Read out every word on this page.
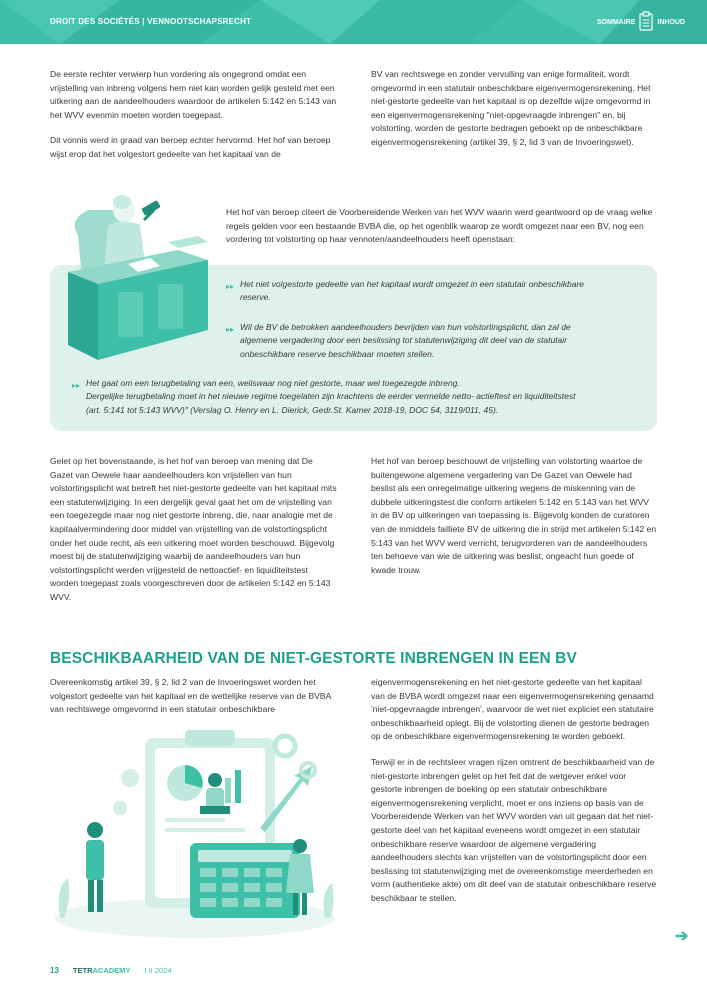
DROIT DES SOCIÉTÉS | VENNOOTSCHAPSRECHT	SOMMAIRE	INHOUD

De eerste rechter verwierp hun vordering als ongegrond omdat een vrijstelling van inbreng volgens hem niet kan worden gelijk gesteld met een uitkering aan de aandeelhouders waardoor de artikelen 5:142 en 5:143 van het WVV evenmin moeten worden toegepast.

Dit vonnis werd in graad van beroep echter hervormd. Het hof van beroep wijst erop dat het volgestort gedeelte van het kapitaal van de

BV van rechtswege en zonder vervulling van enige formaliteit, wordt omgevormd in een statutair onbeschikbare eigenvermogensrekening. Het niet-gestorte gedeelte van het kapitaal is op dezelfde wijze omgevormd in een eigenvermogensrekening "niet-opgevraagde inbrengen" en, bij volstorting, worden de gestorte bedragen geboekt op de onbeschikbare eigenvermogensrekening (artikel 39, § 2, lid 3 van de Invoeringswet).

Het hof van beroep citeert de Voorbereidende Werken van het WVV waarin werd geantwoord op de vraag welke regels gelden voor een bestaande BVBA die, op het ogenblik waarop ze wordt omgezet naar een BV, nog een vordering tot volstorting op haar vennoten/aandeelhouders heeft openstaan:
▸▸ Het niet volgestorte gedeelte van het kapitaal wordt omgezet in een statutair onbeschikbare
reserve.
▸▸ Wil de BV de betrokken aandeelhouders bevrijden van hun volstortingsplicht, dan zal de
algemene vergadering door een beslissing tot statutenwijziging dit deel van de statutair
onbeschikbare reserve beschikbaar moeten stellen.
▸▸ Het gaat om een terugbetaling van een, weliswaar nog niet gestorte, maar wel toegezegde inbreng.
Dergelijke terugbetaling moet in het nieuwe regime toegelaten zijn krachtens de eerder vermelde netto- actieftest en liquiditeitstest
(art. 5:141 tot 5:143 WVV)" (Verslag O. Henry en L. Dierick, Gedr.St. Kamer 2018-19, DOC 54, 3119/011, 45).

Gelet op het bovenstaande, is het hof van beroep van mening dat De Gazet van Oewele haar aandeelhouders kon vrijstellen van hun volstortingsplicht wat betreft het niet-gestorte gedeelte van het kapitaal mits een statutenwijziging. In een dergelijk geval gaat het om de vrijstelling van een toegezegde maar nog niet gestorte inbreng, die, naar analogie met de kapitaalvermindering door middel van vrijstelling van de volstortingsplicht onder het oude recht, als een uitkering moet worden beschouwd. Bijgevolg moest bij de statutenwijziging waarbij de aandeelhouders van hun volstortingsplicht werden vrijgesteld de nettoactief- en liquiditeitstest worden toegepast zoals voorgeschreven door de artikelen 5:142 en 5:143 WVV.

Het hof van beroep beschouwt de vrijstelling van volstorting waartoe de buitengewone algemene vergadering van De Gazet van Oewele had beslist als een onregelmatige uitkering wegens de miskenning van de dubbele uitkeringstest die conform artikelen 5:142 en 5:143 van het WVV in de BV op uitkeringen van toepassing is. Bijgevolg konden de curatoren van de inmiddels failliete BV de uitkering die in strijd met artikelen 5:142 en 5:143 van het WVV werd verricht, terugvorderen van de aandeelhouders ten behoeve van wie de uitkering was beslist, ongeacht hun goede of kwade trouw.

BESCHIKBAARHEID VAN DE NIET-GESTORTE INBRENGEN IN EEN BV

Overeenkomstig artikel 39, § 2, lid 2 van de Invoeringswet worden het volgestort gedeelte van het kapitaal en de wettelijke reserve van de BVBA van rechtswege omgevormd in een statutair onbeschikbare

eigenvermogensrekening en het niet-gestorte gedeelte van het kapitaal van de BVBA wordt omgezet naar een eigenvermogensrekening genaamd 'niet-opgevraagde inbrengen', waarvoor de wet niet expliciet een statutaire onbeschikbaarheid oplegt. Bij de volstorting dienen de gestorte bedragen op de onbeschikbare eigenvermogensrekening te worden geboekt.

Terwijl er in de rechtsleer vragen rijzen omtrent de beschikbaarheid van de niet-gestorte inbrengen gelet op het feit dat de wetgever enkel voor gestorte inbrengen de boeking op een statutair onbeschikbare eigenvermogensrekening verplicht, moet er ons inziens op basis van de Voorbereidende Werken van het WVV worden van uit gegaan dat het niet-gestorte deel van het kapitaal eveneens wordt omgezet in een statutair onbeschikbare reserve waardoor de algemene vergadering aandeelhouders slechts kan vrijstellen van de volstortingsplicht door een beslissing tot statutenwijziging met de overeenkomstige meerderheden en vorm (authentieke akte) om dit deel van de statutair onbeschikbare reserve beschikbaar te stellen.

➔
13 TETR ACADEMY I II 2024
